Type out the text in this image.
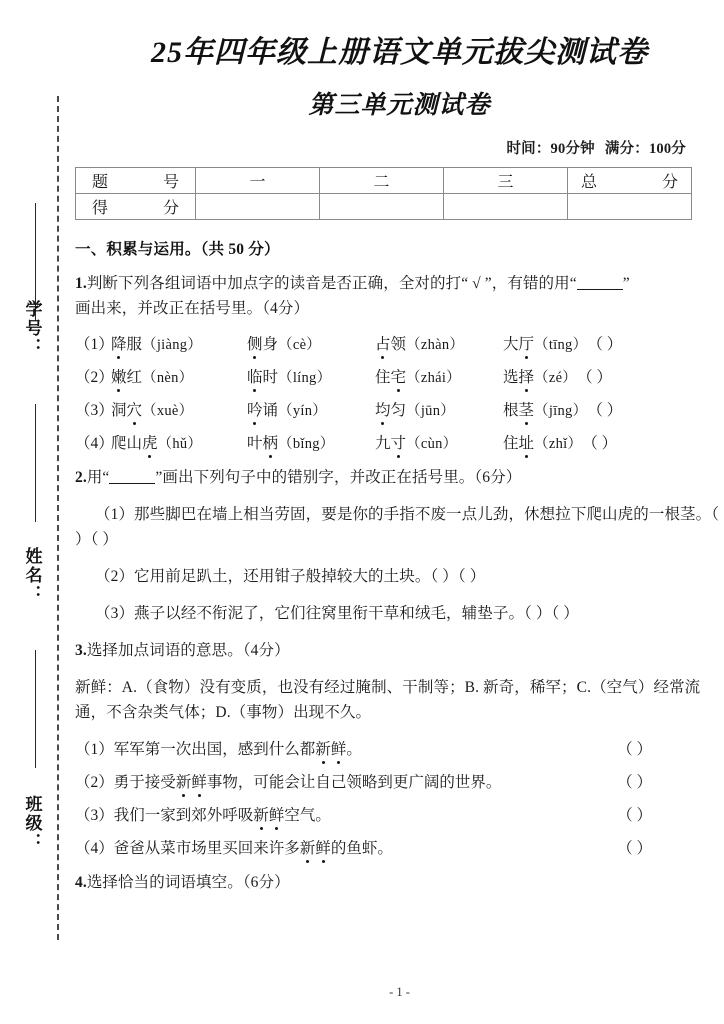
学号：
姓名：
班级：
25年四年级上册语文单元拔尖测试卷
第三单元测试卷
时间：90分钟 满分：100分
题 号	一	二	三	总 分

得 分				

一、积累与运用。（共 50 分）
1.判断下列各组词语中加点字的读音是否正确，全对的打“ √ ”，有错的用“	”
画出来，并改正在括号里。（4分）
（1）
降服（jiàng）	侧身（cè）	占领（zhàn）	大厅（tīng） （ ）
（2）
嫩红（nèn）	临时（líng）	住宅（zhái）	选择（zé） （ ）
（3）
洞穴（xuè）	吟诵（yín）	均匀（jūn）	根茎（jīng） （ ）
（4）
爬山虎（hǔ）	叶柄（bǐng）	九寸（cùn）	住址（zhǐ） （ ）
2.用“	”画出下列句子中的错别字，并改正在括号里。（6分）
（1）那些脚巴在墙上相当劳固，要是你的手指不废一点儿劲，休想拉下爬山虎的一根茎。（ ）（ ）
（2）它用前足趴土，还用钳子般掉较大的土块。（ ）（ ）
（3）燕子以经不衔泥了，它们往窝里衔干草和绒毛，辅垫子。（ ）（ ）
3.选择加点词语的意思。（4分）
新鲜：A.（食物）没有变质，也没有经过腌制、干制等；B. 新奇，稀罕；C.（空气）经常流通，不含杂类气体；D.（事物）出现不久。
（1）军军第一次出国，感到什么都新鲜。	（ ）
（2）勇于接受新鲜事物，可能会让自己领略到更广阔的世界。	（ ）
（3）我们一家到郊外呼吸新鲜空气。	（ ）
（4）爸爸从菜市场里买回来许多新鲜的鱼虾。	（ ）
4.选择恰当的词语填空。（6分）
- 1 -
